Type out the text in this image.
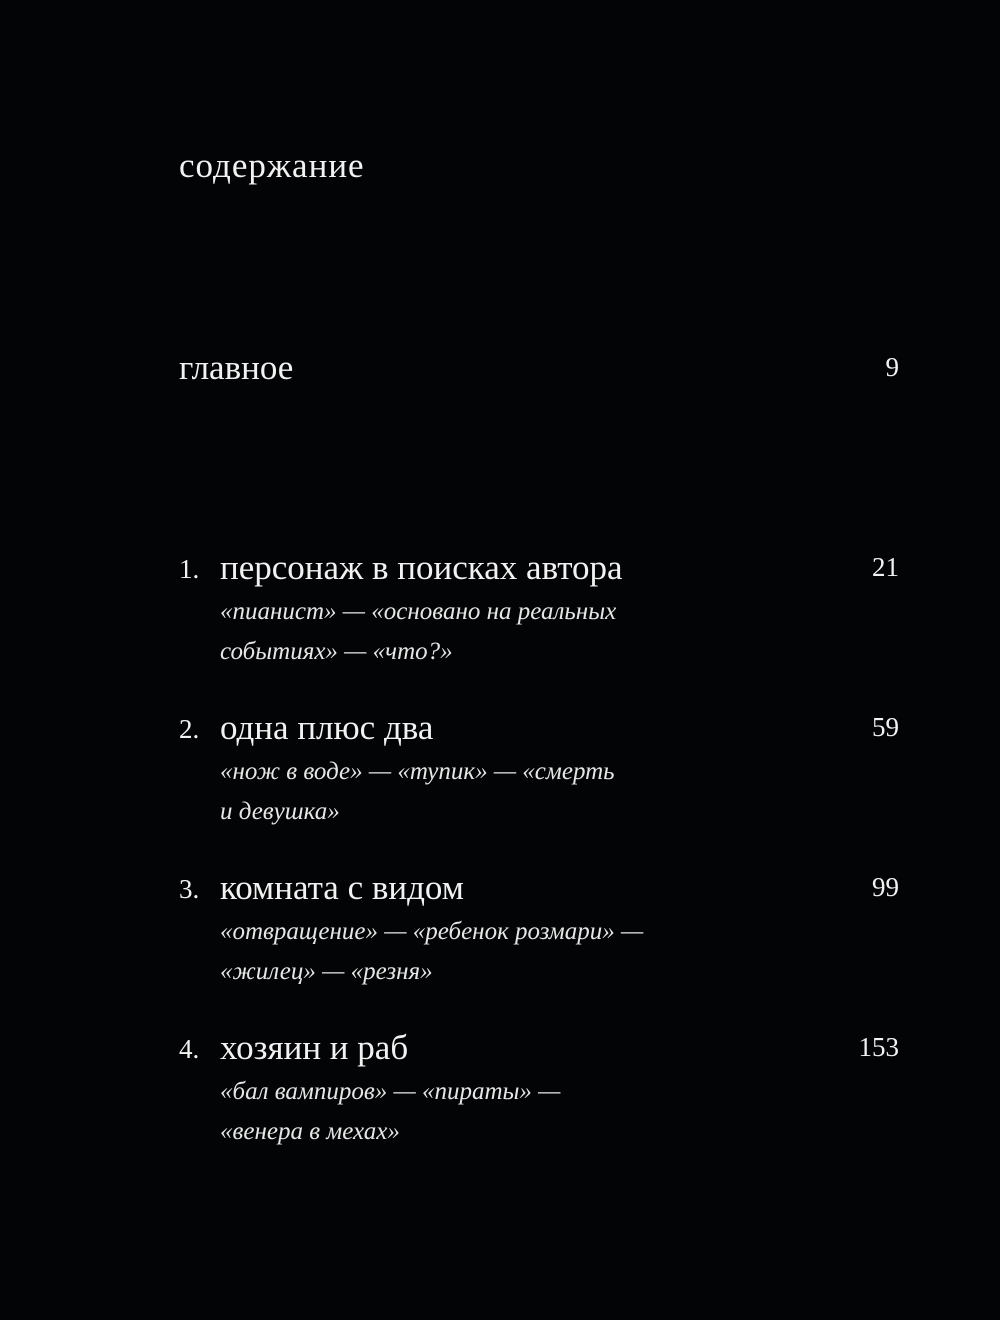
содержание
главное	9
1. персонаж в поисках автора	21
«пианист» — «основано на реальных
событиях» — «что?»
2. одна плюс два	59
«нож в воде» — «тупик» — «смерть
и девушка»
3. комната с видом	99
«отвращение» — «ребенок розмари» —
«жилец» — «резня»
4. хозяин и раб	153
«бал вампиров» — «пираты» —
«венера в мехах»
